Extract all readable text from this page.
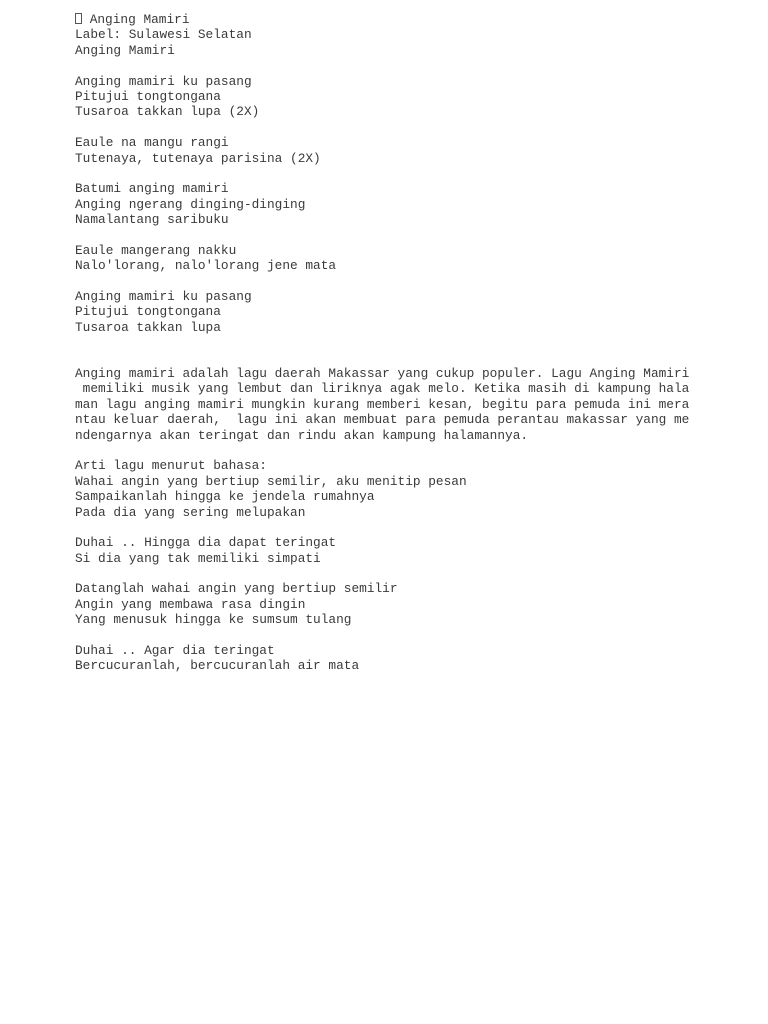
Anging Mamiri
Label: Sulawesi Selatan
Anging Mamiri
Anging mamiri ku pasang
Pitujui tongtongana
Tusaroa takkan lupa (2X)
Eaule na mangu rangi
Tutenaya, tutenaya parisina (2X)
Batumi anging mamiri
Anging ngerang dinging-dinging
Namalantang saribuku
Eaule mangerang nakku
Nalo'lorang, nalo'lorang jene mata
Anging mamiri ku pasang
Pitujui tongtongana
Tusaroa takkan lupa
Anging mamiri adalah lagu daerah Makassar yang cukup populer. Lagu Anging Mamiri
memiliki musik yang lembut dan liriknya agak melo. Ketika masih di kampung hala
man lagu anging mamiri mungkin kurang memberi kesan, begitu para pemuda ini mera
ntau keluar daerah,  lagu ini akan membuat para pemuda perantau makassar yang me
ndengarnya akan teringat dan rindu akan kampung halamannya.
Arti lagu menurut bahasa:
Wahai angin yang bertiup semilir, aku menitip pesan
Sampaikanlah hingga ke jendela rumahnya
Pada dia yang sering melupakan
Duhai .. Hingga dia dapat teringat
Si dia yang tak memiliki simpati
Datanglah wahai angin yang bertiup semilir
Angin yang membawa rasa dingin
Yang menusuk hingga ke sumsum tulang
Duhai .. Agar dia teringat
Bercucuranlah, bercucuranlah air mata
